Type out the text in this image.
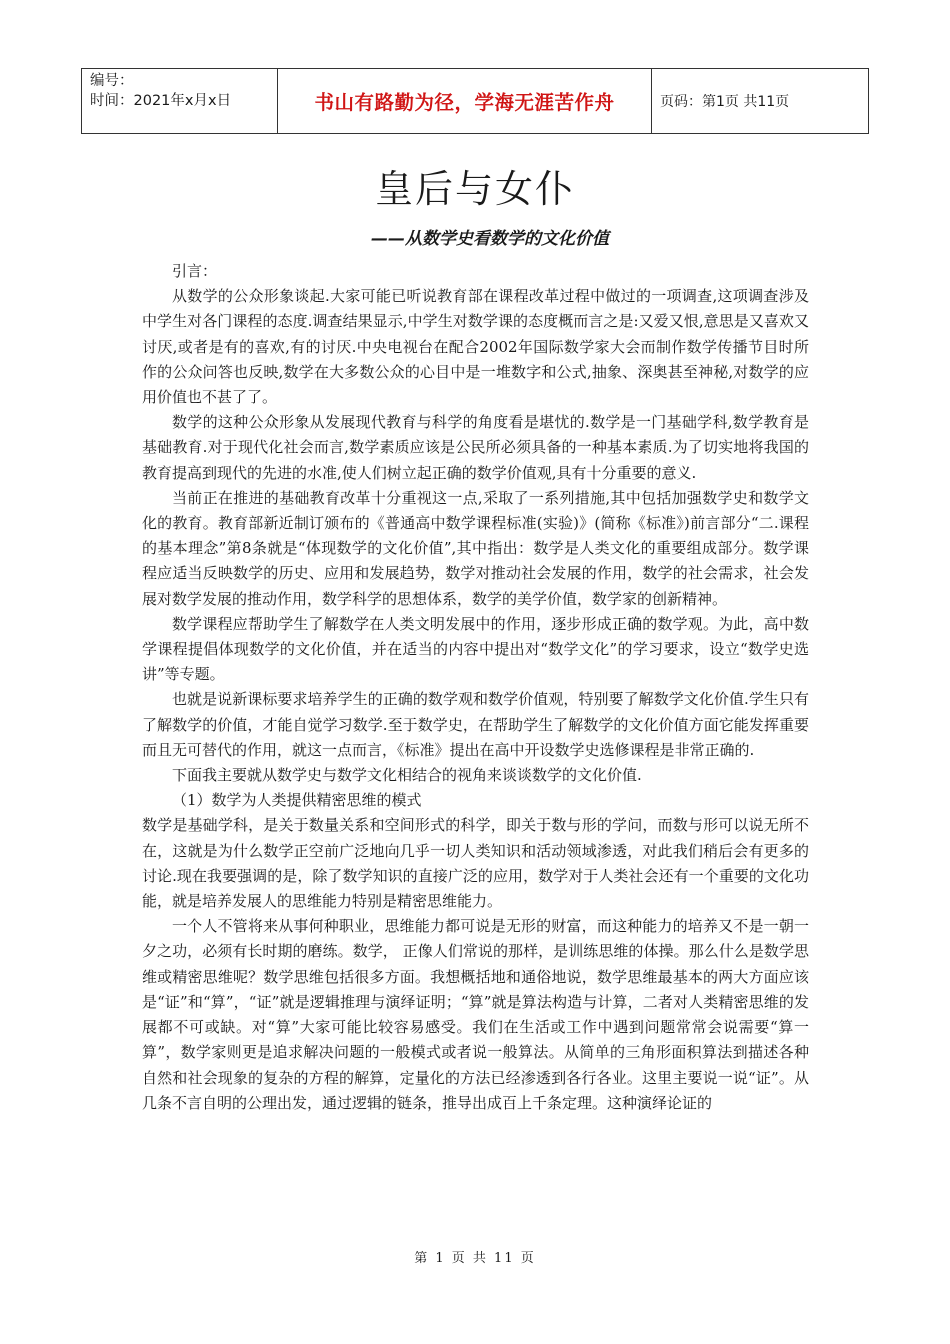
编号：
时间：2021年x月x日	书山有路勤为径，学海无涯苦作舟	页码：第1页 共11页
皇后与女仆
——从数学史看数学的文化价值

引言：

从数学的公众形象谈起.大家可能已听说教育部在课程改革过程中做过的一项调查,这项调查涉及中学生对各门课程的态度.调查结果显示,中学生对数学课的态度概而言之是:又爱又恨,意思是又喜欢又讨厌,或者是有的喜欢,有的讨厌.中央电视台在配合2002年国际数学家大会而制作数学传播节目时所作的公众问答也反映,数学在大多数公众的心目中是一堆数字和公式,抽象、深奥甚至神秘,对数学的应用价值也不甚了了。

数学的这种公众形象从发展现代教育与科学的角度看是堪忧的.数学是一门基础学科,数学教育是基础教育.对于现代化社会而言,数学素质应该是公民所必须具备的一种基本素质.为了切实地将我国的教育提高到现代的先进的水准,使人们树立起正确的数学价值观,具有十分重要的意义.

当前正在推进的基础教育改革十分重视这一点,采取了一系列措施,其中包括加强数学史和数学文化的教育。教育部新近制订颁布的《普通高中数学课程标准(实验)》(简称《标准》)前言部分“二.课程的基本理念”第8条就是“体现数学的文化价值”,其中指出：数学是人类文化的重要组成部分。数学课程应适当反映数学的历史、应用和发展趋势，数学对推动社会发展的作用，数学的社会需求，社会发展对数学发展的推动作用，数学科学的思想体系，数学的美学价值，数学家的创新精神。

数学课程应帮助学生了解数学在人类文明发展中的作用，逐步形成正确的数学观。为此，高中数学课程提倡体现数学的文化价值，并在适当的内容中提出对“数学文化”的学习要求，设立“数学史选讲”等专题。

也就是说新课标要求培养学生的正确的数学观和数学价值观，特别要了解数学文化价值.学生只有了解数学的价值，才能自觉学习数学.至于数学史，在帮助学生了解数学的文化价值方面它能发挥重要而且无可替代的作用，就这一点而言，《标准》提出在高中开设数学史选修课程是非常正确的.

下面我主要就从数学史与数学文化相结合的视角来谈谈数学的文化价值.

（1）数学为人类提供精密思维的模式

数学是基础学科，是关于数量关系和空间形式的科学，即关于数与形的学问，而数与形可以说无所不在，这就是为什么数学正空前广泛地向几乎一切人类知识和活动领域渗透，对此我们稍后会有更多的讨论.现在我要强调的是，除了数学知识的直接广泛的应用，数学对于人类社会还有一个重要的文化功能，就是培养发展人的思维能力特别是精密思维能力。

一个人不管将来从事何种职业，思维能力都可说是无形的财富，而这种能力的培养又不是一朝一夕之功，必须有长时期的磨练。数学， 正像人们常说的那样，是训练思维的体操。那么什么是数学思维或精密思维呢？数学思维包括很多方面。我想概括地和通俗地说，数学思维最基本的两大方面应该是“证”和“算”，“证”就是逻辑推理与演绎证明；“算”就是算法构造与计算，二者对人类精密思维的发展都不可或缺。对“算”大家可能比较容易感受。我们在生活或工作中遇到问题常常会说需要“算一算”，数学家则更是追求解决问题的一般模式或者说一般算法。从简单的三角形面积算法到描述各种自然和社会现象的复杂的方程的解算，定量化的方法已经渗透到各行各业。这里主要说一说“证”。从几条不言自明的公理出发，通过逻辑的链条，推导出成百上千条定理。这种演绎论证的

第 1 页 共 11 页
